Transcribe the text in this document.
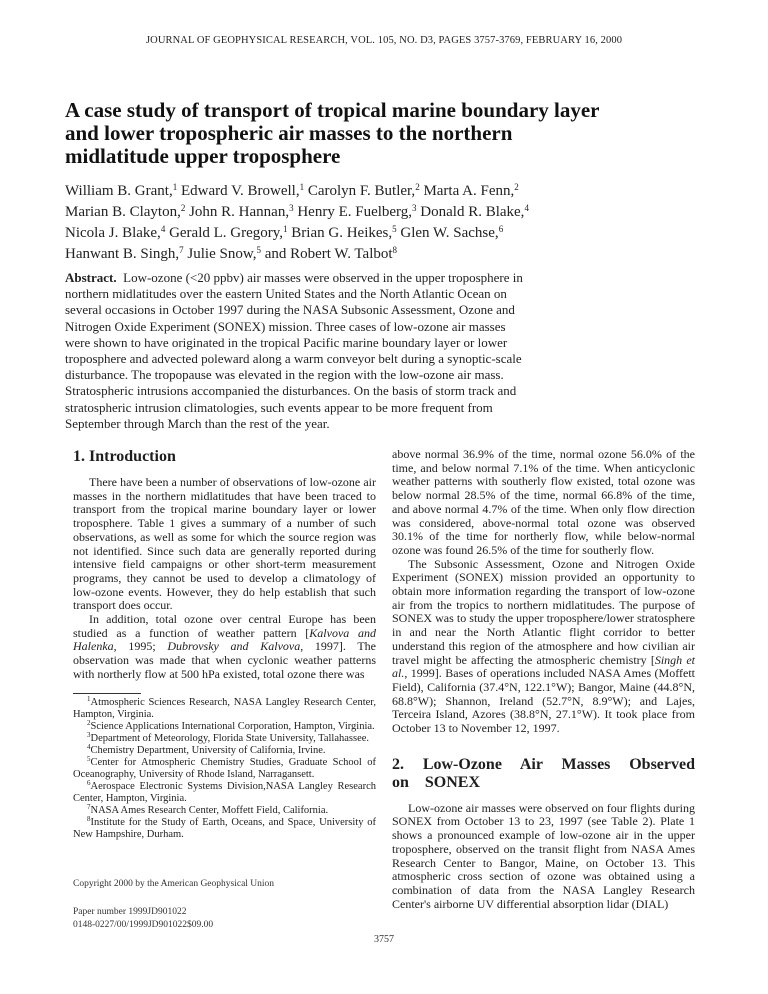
JOURNAL OF GEOPHYSICAL RESEARCH, VOL. 105, NO. D3, PAGES 3757-3769, FEBRUARY 16, 2000
A case study of transport of tropical marine boundary layer
and lower tropospheric air masses to the northern
midlatitude upper troposphere
William B. Grant,$^1$ Edward V. Browell,$^1$ Carolyn F. Butler,$^2$ Marta A. Fenn,$^2$
Marian B. Clayton,$^2$ John R. Hannan,$^3$ Henry E. Fuelberg,$^3$ Donald R. Blake,$^4$
Nicola J. Blake,$^4$ Gerald L. Gregory,$^1$ Brian G. Heikes,$^5$ Glen W. Sachse,$^6$
Hanwant B. Singh,$^7$ Julie Snow,$^5$ and Robert W. Talbot$^8$
Abstract. Low-ozone (<20 ppbv) air masses were observed in the upper troposphere in
northern midlatitudes over the eastern United States and the North Atlantic Ocean on
several occasions in October 1997 during the NASA Subsonic Assessment, Ozone and
Nitrogen Oxide Experiment (SONEX) mission. Three cases of low-ozone air masses
were shown to have originated in the tropical Pacific marine boundary layer or lower
troposphere and advected poleward along a warm conveyor belt during a synoptic-scale
disturbance. The tropopause was elevated in the region with the low-ozone air mass.
Stratospheric intrusions accompanied the disturbances. On the basis of storm track and
stratospheric intrusion climatologies, such events appear to be more frequent from
September through March than the rest of the year.
1. Introduction

There have been a number of observations of low-ozone air masses in the northern midlatitudes that have been traced to transport from the tropical marine boundary layer or lower troposphere. Table 1 gives a summary of a number of such observations, as well as some for which the source region was not identified. Since such data are generally reported during intensive field campaigns or other short-term measurement programs, they cannot be used to develop a climatology of low-ozone events. However, they do help establish that such transport does occur.

In addition, total ozone over central Europe has been studied as a function of weather pattern [Kalvova and Halenka, 1995; Dubrovsky and Kalvova, 1997]. The observation was made that when cyclonic weather patterns with northerly flow at 500 hPa existed, total ozone there was

$^1$Atmospheric Sciences Research, NASA Langley Research Center, Hampton, Virginia.

$^2$Science Applications International Corporation, Hampton, Virginia.

$^3$Department of Meteorology, Florida State University, Tallahassee.

$^4$Chemistry Department, University of California, Irvine.

$^5$Center for Atmospheric Chemistry Studies, Graduate School of Oceanography, University of Rhode Island, Narragansett.

$^6$Aerospace Electronic Systems Division,NASA Langley Research Center, Hampton, Virginia.

$^7$NASA Ames Research Center, Moffett Field, California.

$^8$Institute for the Study of Earth, Oceans, and Space, University of New Hampshire, Durham.

Copyright 2000 by the American Geophysical Union
Paper number 1999JD901022
0148-0227/00/1999JD901022$09.00

above normal 36.9% of the time, normal ozone 56.0% of the time, and below normal 7.1% of the time. When anticyclonic weather patterns with southerly flow existed, total ozone was below normal 28.5% of the time, normal 66.8% of the time, and above normal 4.7% of the time. When only flow direction was considered, above-normal total ozone was observed 30.1% of the time for northerly flow, while below-normal ozone was found 26.5% of the time for southerly flow.

The Subsonic Assessment, Ozone and Nitrogen Oxide Experiment (SONEX) mission provided an opportunity to obtain more information regarding the transport of low-ozone air from the tropics to northern midlatitudes. The purpose of SONEX was to study the upper troposphere/lower stratosphere in and near the North Atlantic flight corridor to better understand this region of the atmosphere and how civilian air travel might be affecting the atmospheric chemistry [Singh et al., 1999]. Bases of operations included NASA Ames (Moffett Field), California (37.4°N, 122.1°W); Bangor, Maine (44.8°N, 68.8°W); Shannon, Ireland (52.7°N, 8.9°W); and Lajes, Terceira Island, Azores (38.8°N, 27.1°W). It took place from October 13 to November 12, 1997.

2. Low-Ozone Air Masses Observed on SONEX

Low-ozone air masses were observed on four flights during SONEX from October 13 to 23, 1997 (see Table 2). Plate 1 shows a pronounced example of low-ozone air in the upper troposphere, observed on the transit flight from NASA Ames Research Center to Bangor, Maine, on October 13. This atmospheric cross section of ozone was obtained using a combination of data from the NASA Langley Research Center's airborne UV differential absorption lidar (DIAL)

3757
